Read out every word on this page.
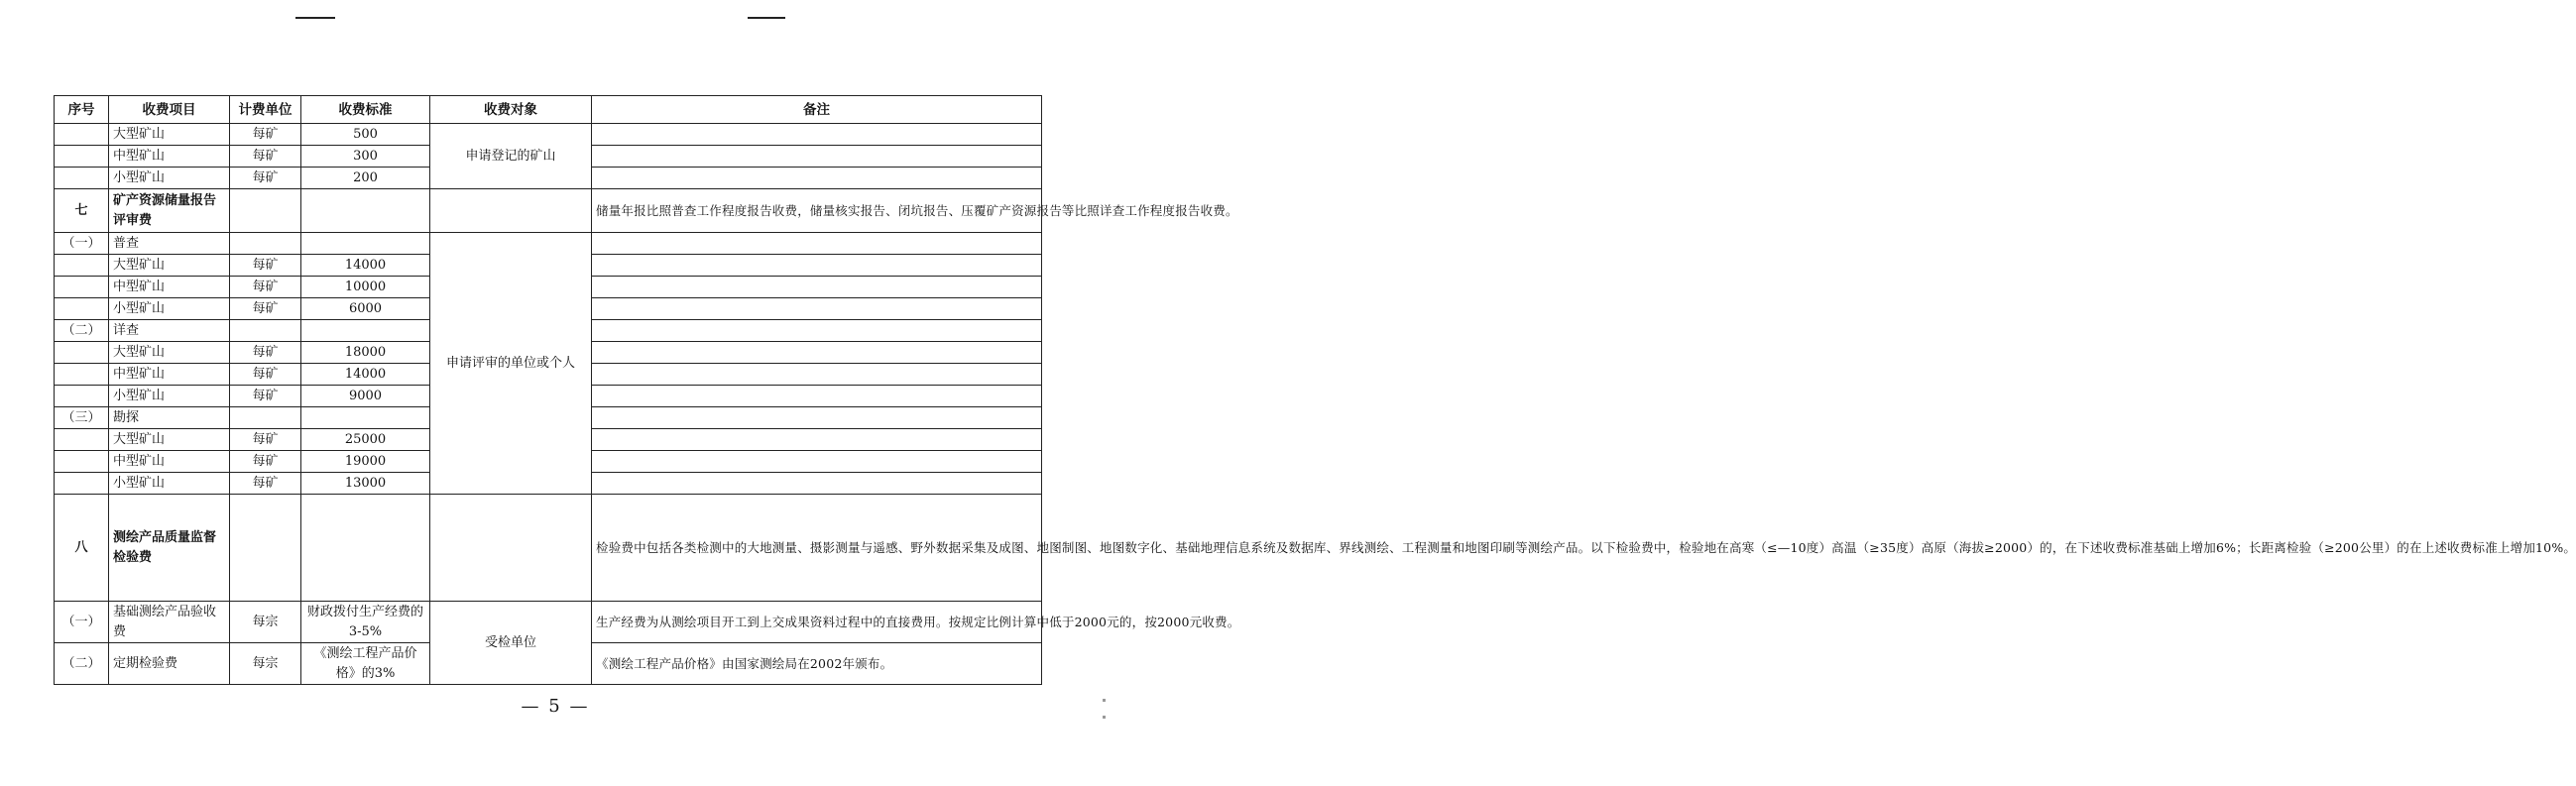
序号	收费项目	计费单位	收费标准	收费对象	备注
	大型矿山	每矿	500	申请登记的矿山	
	中型矿山	每矿	300		
	小型矿山	每矿	200		
七	矿产资源储量报告评审费				储量年报比照普查工作程度报告收费，储量核实报告、闭坑报告、压覆矿产资源报告等比照详查工作程度报告收费。
（一）	普查			申请评审的单位或个人	
	大型矿山	每矿	14000		
	中型矿山	每矿	10000		
	小型矿山	每矿	6000		
（二）	详查				
	大型矿山	每矿	18000		
	中型矿山	每矿	14000		
	小型矿山	每矿	9000		
（三）	勘探				
	大型矿山	每矿	25000		
	中型矿山	每矿	19000		
	小型矿山	每矿	13000		
八	测绘产品质量监督检验费				检验费中包括各类检测中的大地测量、摄影测量与遥感、野外数据采集及成图、地图制图、地图数字化、基础地理信息系统及数据库、界线测绘、工程测量和地图印刷等测绘产品。以下检验费中，检验地在高寒（≤—10度）高温（≥35度）高原（海拔≥2000）的，在下述收费标准基础上增加6%；长距离检验（≥200公里）的在上述收费标准上增加10%。
（一）	基础测绘产品验收费	每宗	财政拨付生产经费的3-5%	受检单位	生产经费为从测绘项目开工到上交成果资料过程中的直接费用。按规定比例计算中低于2000元的，按2000元收费。
（二）	定期检验费	每宗	《测绘工程产品价格》的3%		《测绘工程产品价格》由国家测绘局在2002年颁布。
— 5 —
